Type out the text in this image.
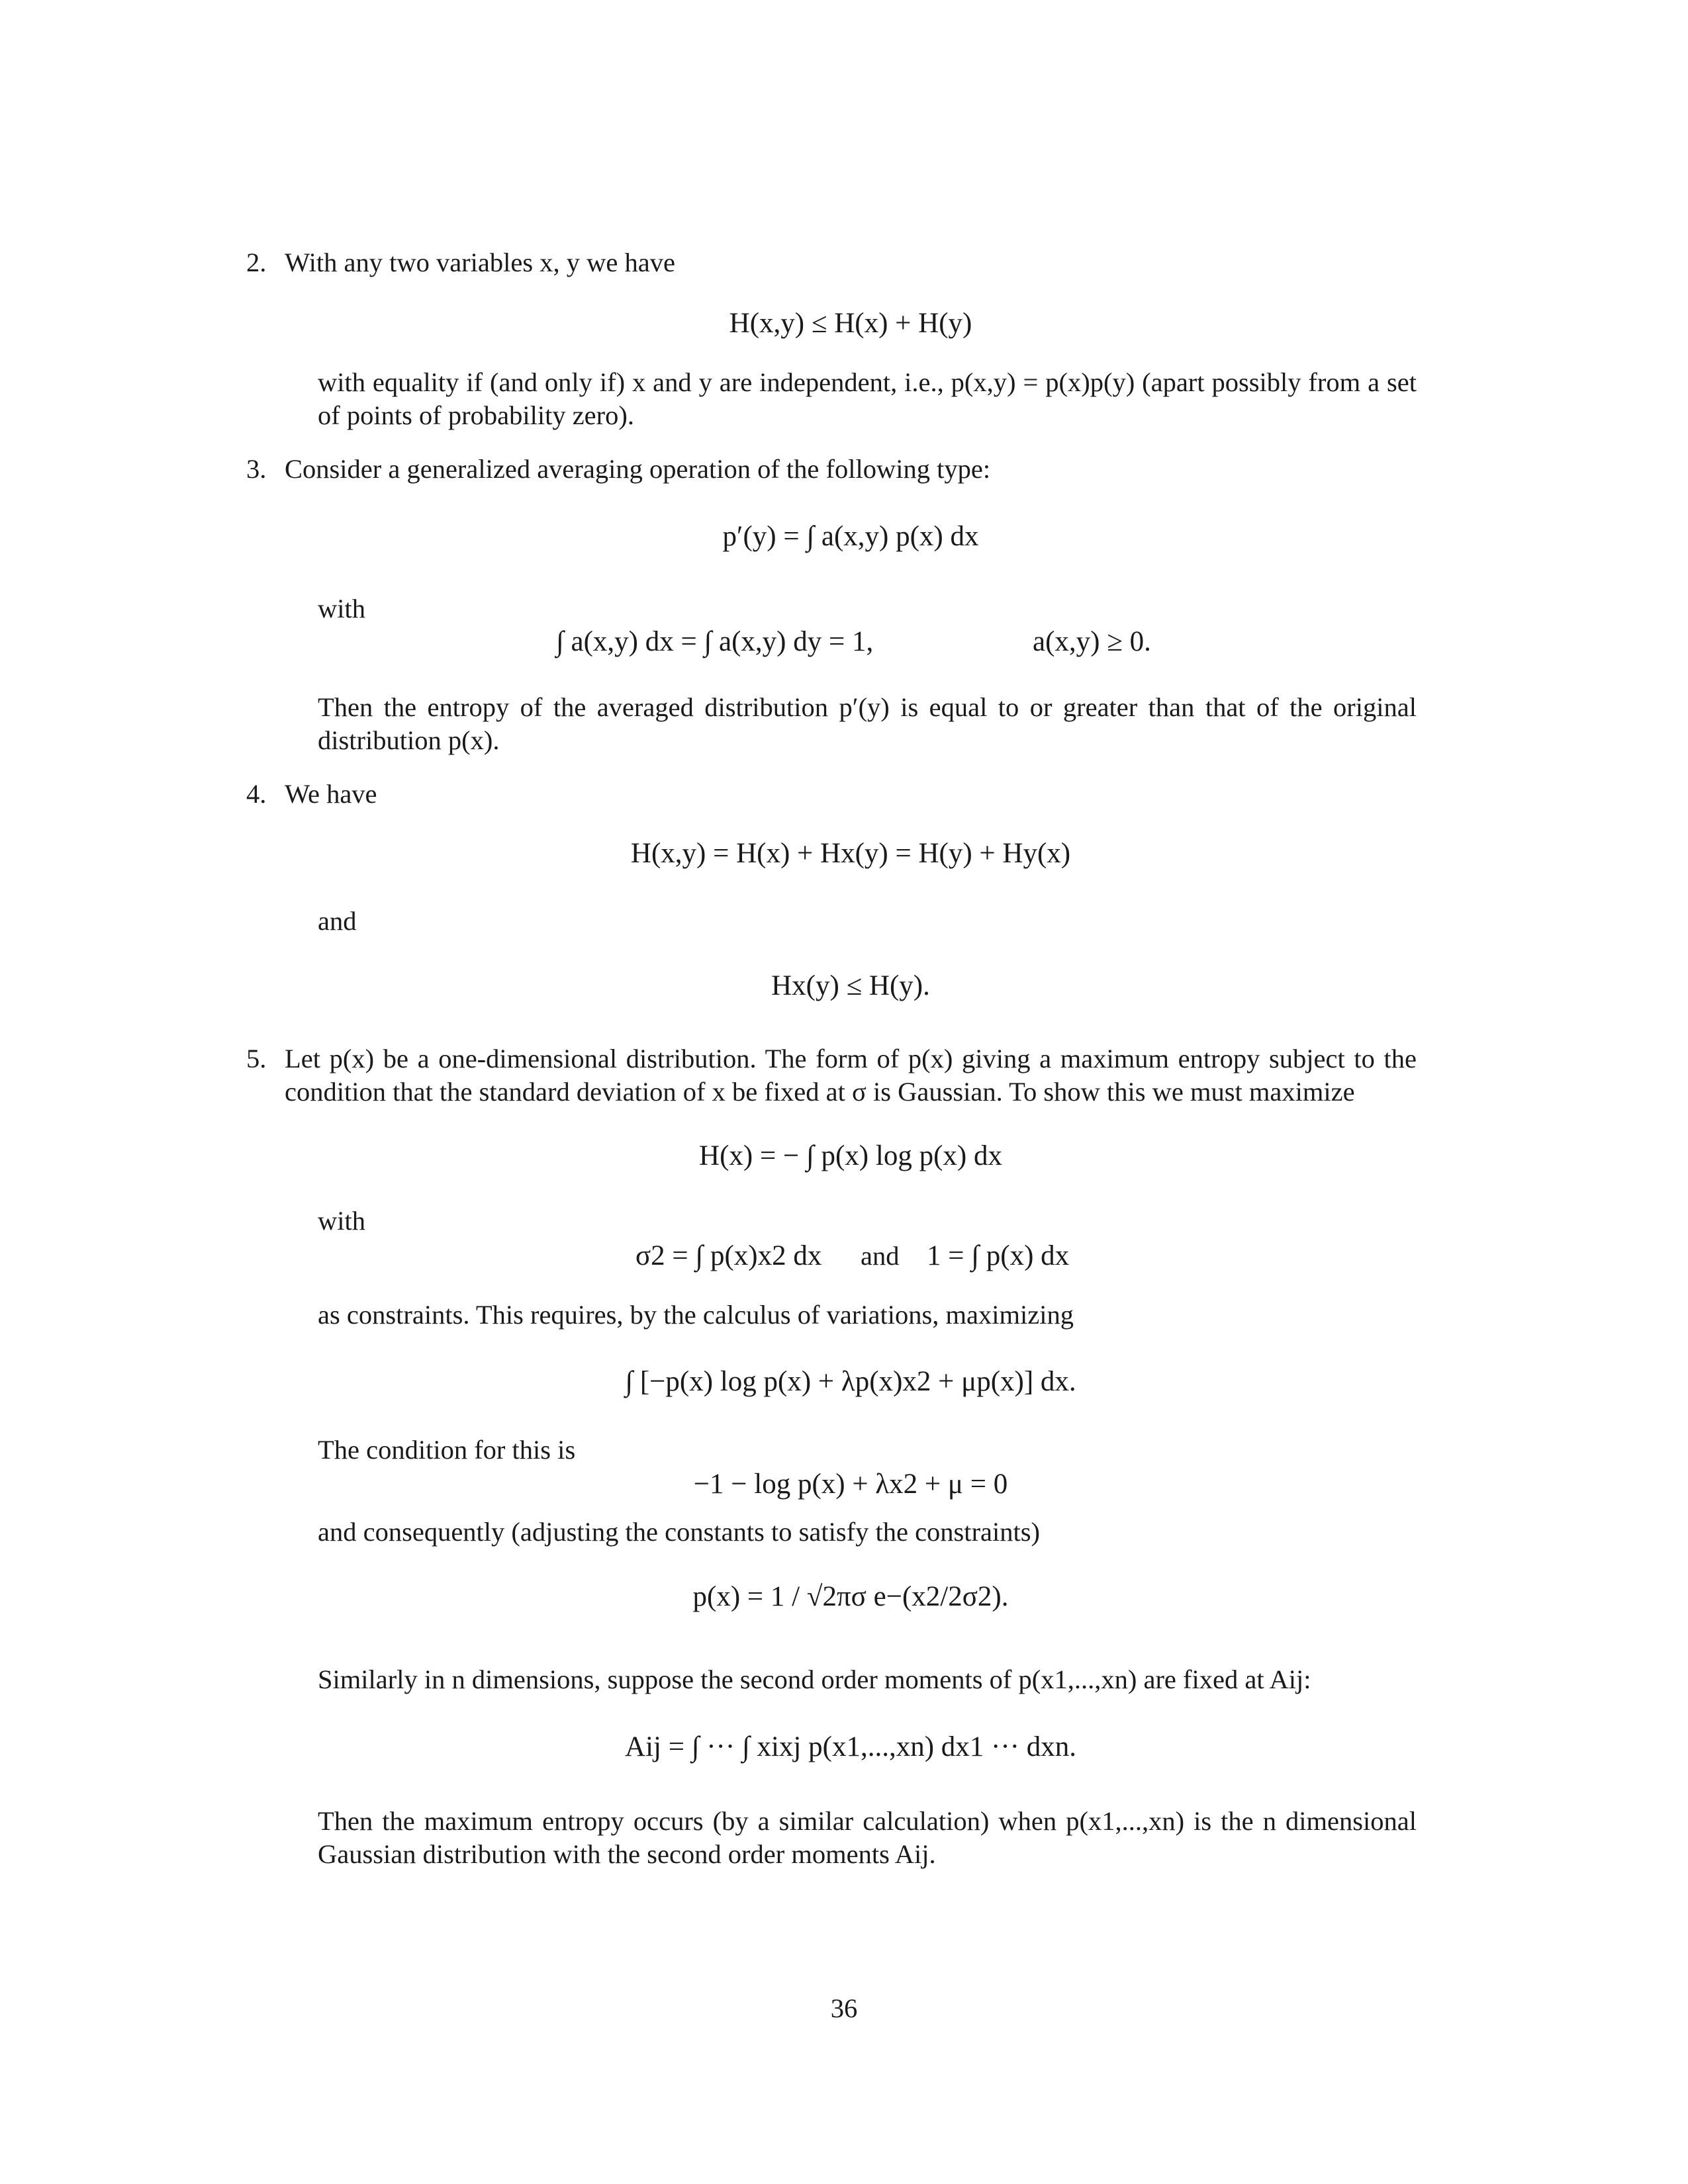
2. With any two variables x, y we have

H(x,y) ≤ H(x) + H(y)

with equality if (and only if) x and y are independent, i.e., p(x,y) = p(x)p(y) (apart possibly from a set of points of probability zero).

3. Consider a generalized averaging operation of the following type:

p′(y) = ∫ a(x,y) p(x) dx
with
∫ a(x,y) dx = ∫ a(x,y) dy = 1,	a(x,y) ≥ 0.

Then the entropy of the averaged distribution p′(y) is equal to or greater than that of the original distribution p(x).

4. We have

H(x,y) = H(x) + Hx(y) = H(y) + Hy(x)
and
Hx(y) ≤ H(y).
5. Let p(x) be a one-dimensional distribution. The form of p(x) giving a maximum entropy subject to the condition that the standard deviation of x be fixed at σ is Gaussian. To show this we must maximize

H(x) = − ∫ p(x) log p(x) dx
with
σ2 = ∫ p(x)x2 dx	and 1 = ∫ p(x) dx

as constraints. This requires, by the calculus of variations, maximizing

∫ [−p(x) log p(x) + λp(x)x2 + μp(x)] dx.

The condition for this is

−1 − log p(x) + λx2 + μ = 0

and consequently (adjusting the constants to satisfy the constraints)

p(x) = 1 / √2πσ e−(x2/2σ2).

Similarly in n dimensions, suppose the second order moments of p(x1,...,xn) are fixed at Aij:

Aij = ∫ ··· ∫ xixj p(x1,...,xn) dx1 ··· dxn.

Then the maximum entropy occurs (by a similar calculation) when p(x1,...,xn) is the n dimensional Gaussian distribution with the second order moments Aij.

36
